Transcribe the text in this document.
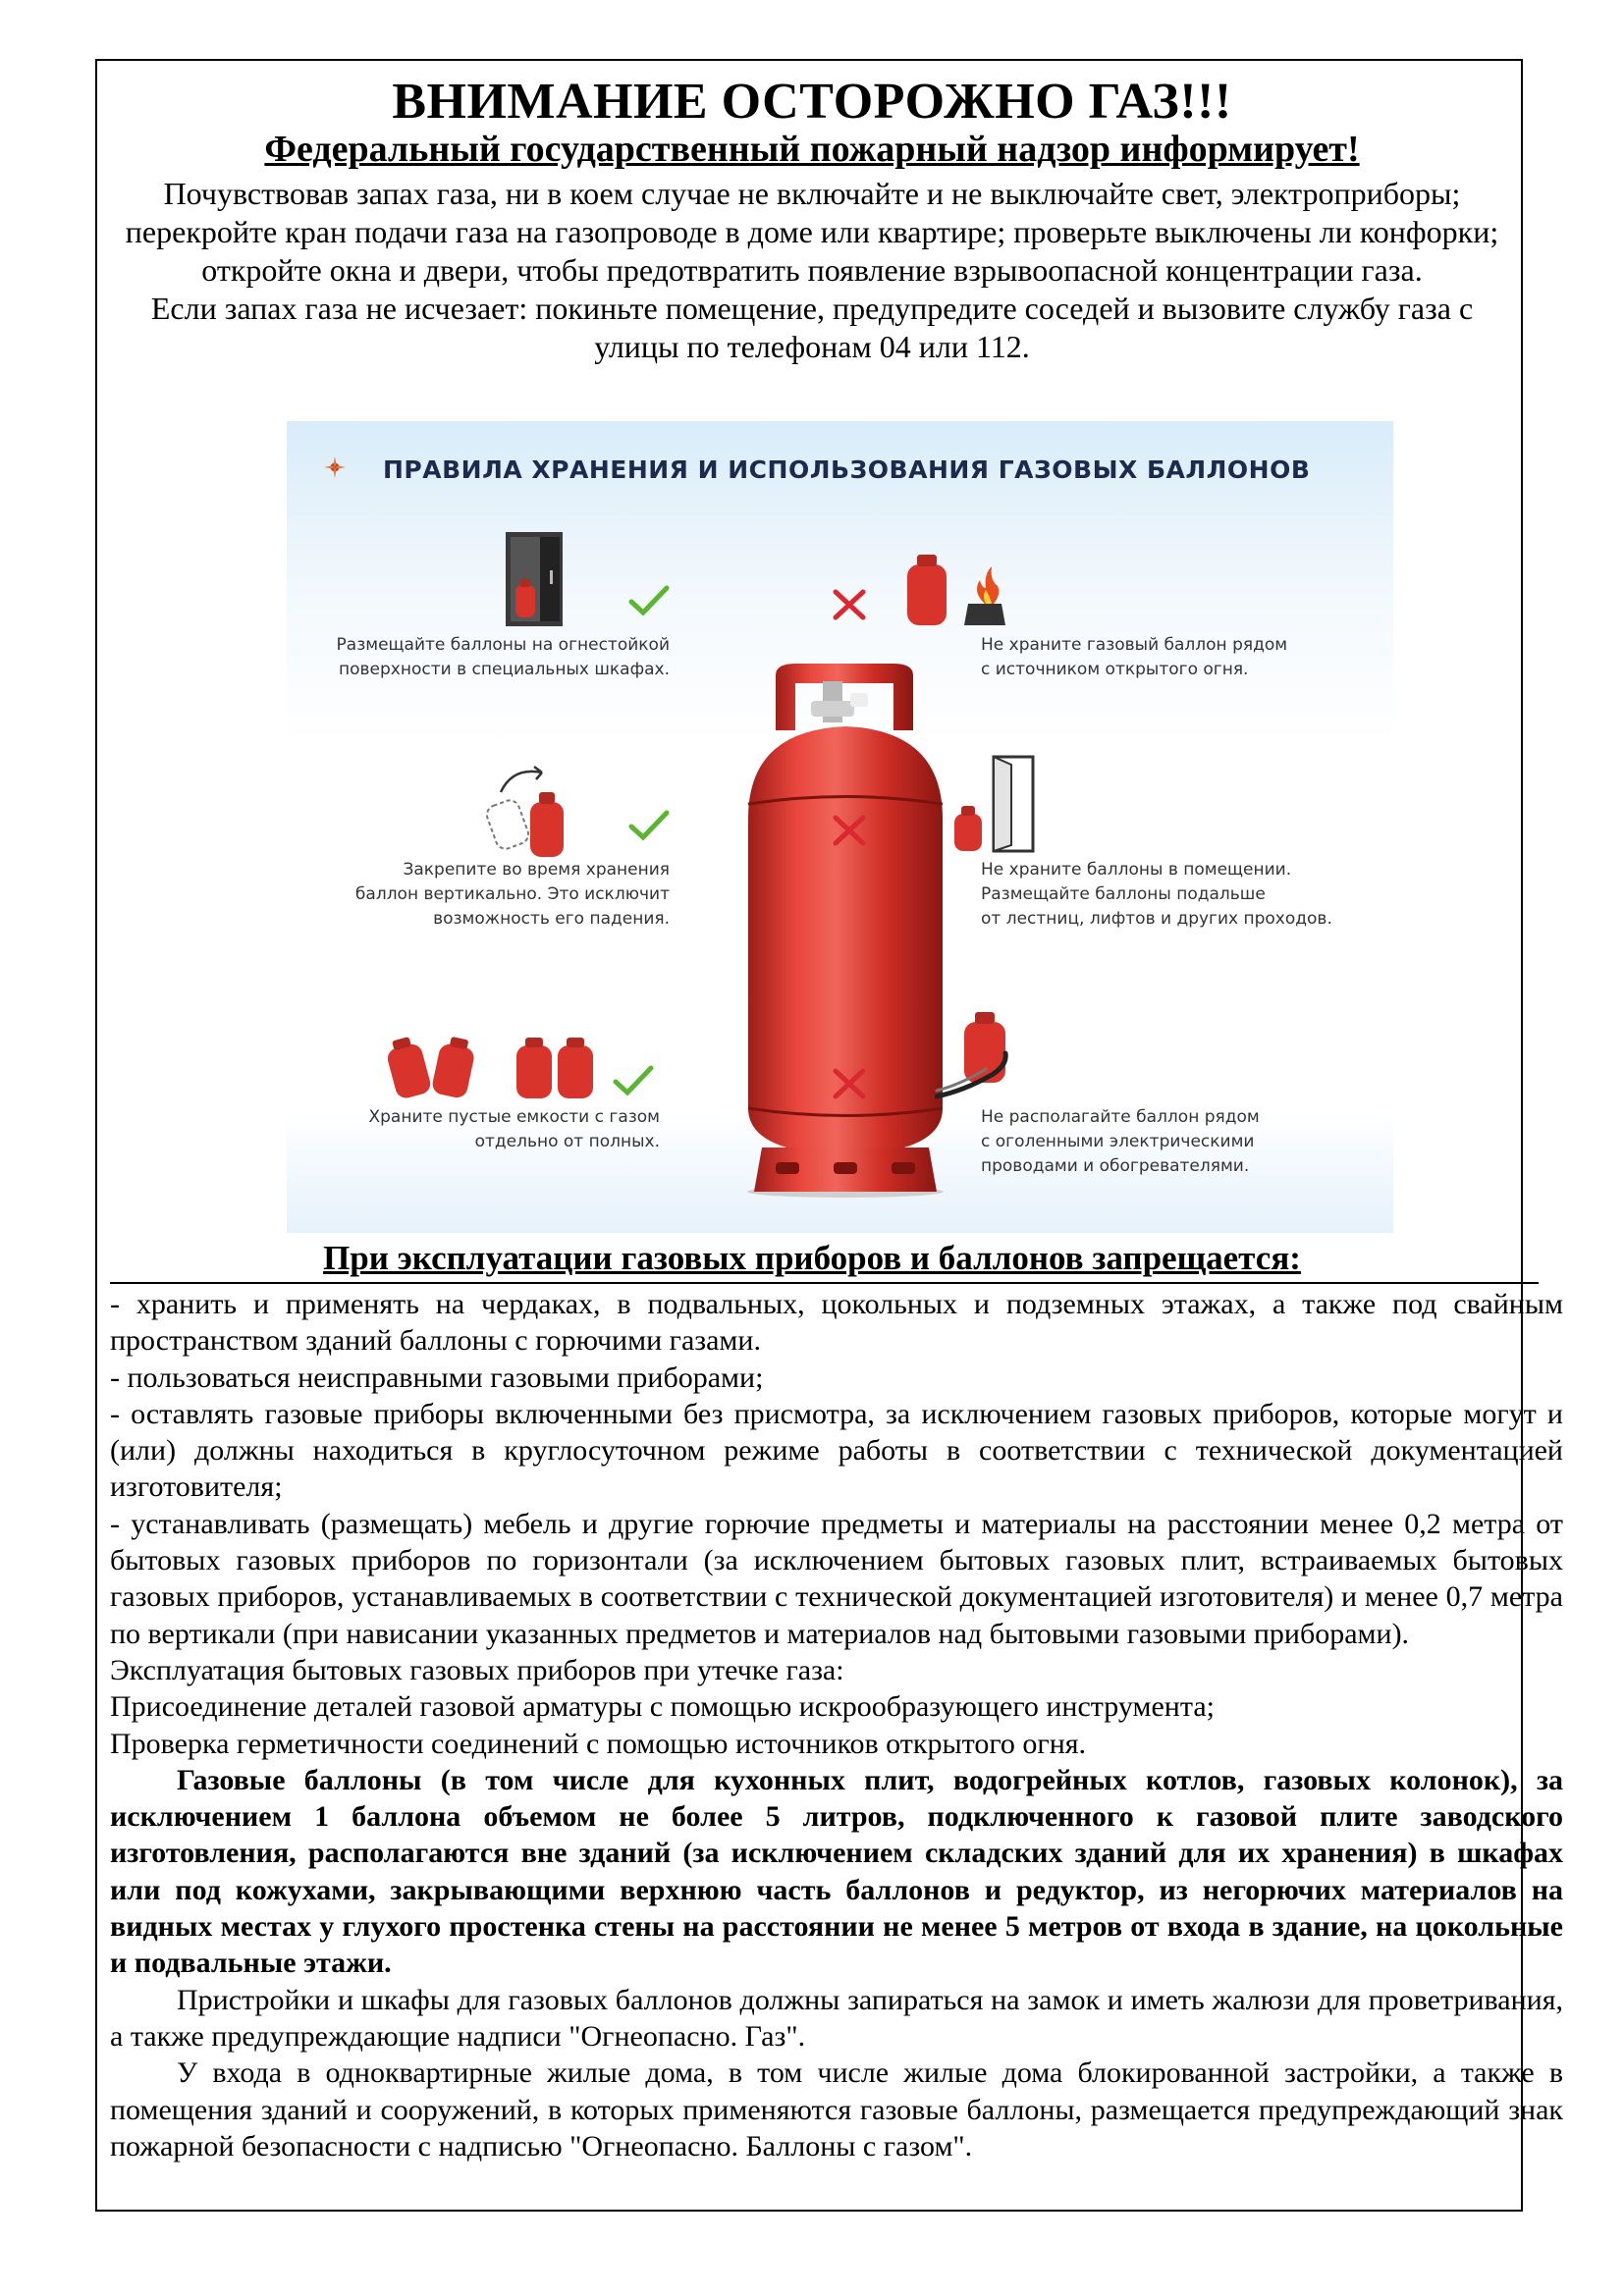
ВНИМАНИЕ ОСТОРОЖНО ГАЗ!!!
Федеральный государственный пожарный надзор информирует!

Почувствовав запах газа, ни в коем случае не включайте и не выключайте свет, электроприборы; перекройте кран подачи газа на газопроводе в доме или квартире; проверьте выключены ли конфорки; откройте окна и двери, чтобы предотвратить появление взрывоопасной концентрации газа.

Если запах газа не исчезает: покиньте помещение, предупредите соседей и вызовите службу газа с улицы по телефонам 04 или 112.

ПРАВИЛА ХРАНЕНИЯ И ИСПОЛЬЗОВАНИЯ ГАЗОВЫХ БАЛЛОНОВ

Размещайте баллоны на огнестойкой

поверхности в специальных шкафах.

Закрепите во время хранения

баллон вертикально. Это исключит

возможность его падения.

Храните пустые емкости с газом

отдельно от полных.

Не храните газовый баллон рядом

с источником открытого огня.

Не храните баллоны в помещении.

Размещайте баллоны подальше

от лестниц, лифтов и других проходов.

Не располагайте баллон рядом

с оголенными электрическими

проводами и обогревателями.

При эксплуатации газовых приборов и баллонов запрещается:

- хранить и применять на чердаках, в подвальных, цокольных и подземных этажах, а также под свайным пространством зданий баллоны с горючими газами.

- пользоваться неисправными газовыми приборами;

- оставлять газовые приборы включенными без присмотра, за исключением газовых приборов, которые могут и (или) должны находиться в круглосуточном режиме работы в соответствии с технической документацией изготовителя;

- устанавливать (размещать) мебель и другие горючие предметы и материалы на расстоянии менее 0,2 метра от бытовых газовых приборов по горизонтали (за исключением бытовых газовых плит, встраиваемых бытовых газовых приборов, устанавливаемых в соответствии с технической документацией изготовителя) и менее 0,7 метра по вертикали (при нависании указанных предметов и материалов над бытовыми газовыми приборами).

Эксплуатация бытовых газовых приборов при утечке газа:

Присоединение деталей газовой арматуры с помощью искрообразующего инструмента;

Проверка герметичности соединений с помощью источников открытого огня.

Газовые баллоны (в том числе для кухонных плит, водогрейных котлов, газовых колонок), за исключением 1 баллона объемом не более 5 литров, подключенного к газовой плите заводского изготовления, располагаются вне зданий (за исключением складских зданий для их хранения) в шкафах или под кожухами, закрывающими верхнюю часть баллонов и редуктор, из негорючих материалов на видных местах у глухого простенка стены на расстоянии не менее 5 метров от входа в здание, на цокольные и подвальные этажи.

Пристройки и шкафы для газовых баллонов должны запираться на замок и иметь жалюзи для проветривания, а также предупреждающие надписи "Огнеопасно. Газ".

У входа в одноквартирные жилые дома, в том числе жилые дома блокированной застройки, а также в помещения зданий и сооружений, в которых применяются газовые баллоны, размещается предупреждающий знак пожарной безопасности с надписью "Огнеопасно. Баллоны с газом".
